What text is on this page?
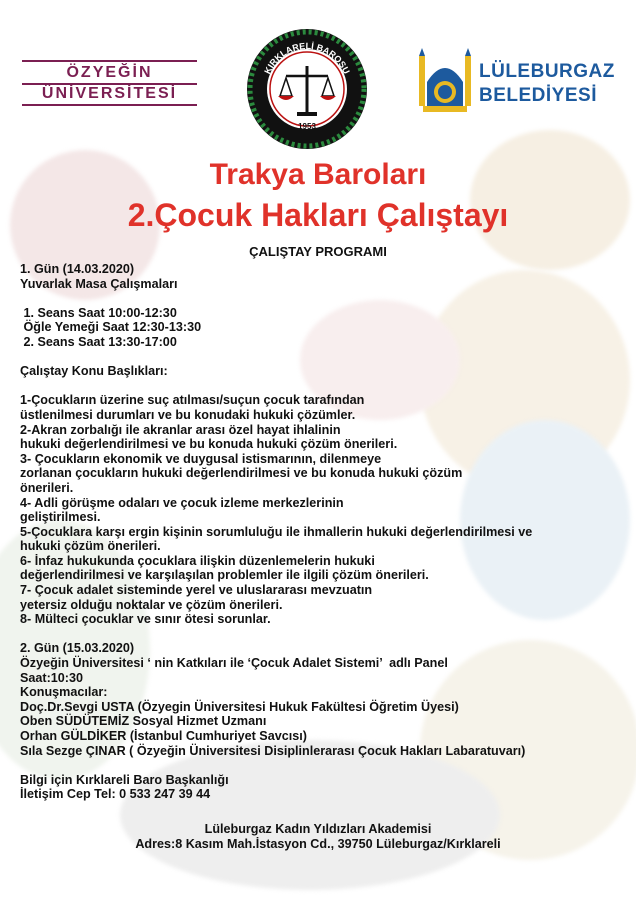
ÖZYEĞİN
ÜNİVERSİTESİ
KIRKLARELİ BAROSU
1953
LÜLEBURGAZ
BELEDİYESİ
Trakya Baroları
2.Çocuk Hakları Çalıştayı
ÇALIŞTAY PROGRAMI
1. Gün (14.03.2020)
Yuvarlak Masa Çalışmaları
1. Seans Saat 10:00-12:30
Öğle Yemeği Saat 12:30-13:30
2. Seans Saat 13:30-17:00
Çalıştay Konu Başlıkları:
1-Çocukların üzerine suç atılması/suçun çocuk tarafından
üstlenilmesi durumları ve bu konudaki hukuki çözümler.
2-Akran zorbalığı ile akranlar arası özel hayat ihlalinin
hukuki değerlendirilmesi ve bu konuda hukuki çözüm önerileri.
3- Çocukların ekonomik ve duygusal istismarının, dilenmeye
zorlanan çocukların hukuki değerlendirilmesi ve bu konuda hukuki çözüm
önerileri.
4- Adli görüşme odaları ve çocuk izleme merkezlerinin
geliştirilmesi.
5-Çocuklara karşı ergin kişinin sorumluluğu ile ihmallerin hukuki değerlendirilmesi ve
hukuki çözüm önerileri.
6- İnfaz hukukunda çocuklara ilişkin düzenlemelerin hukuki
değerlendirilmesi ve karşılaşılan problemler ile ilgili çözüm önerileri.
7- Çocuk adalet sisteminde yerel ve uluslararası mevzuatın
yetersiz olduğu noktalar ve çözüm önerileri.
8- Mülteci çocuklar ve sınır ötesi sorunlar.
2. Gün (15.03.2020)
Özyeğin Üniversitesi ‘ nin Katkıları ile ‘Çocuk Adalet Sistemi’  adlı Panel
Saat:10:30
Konuşmacılar:
Doç.Dr.Sevgi USTA (Özyegin Üniversitesi Hukuk Fakültesi Öğretim Üyesi)
Oben SÜDÜTEMİZ Sosyal Hizmet Uzmanı
Orhan GÜLDİKER (İstanbul Cumhuriyet Savcısı)
Sıla Sezge ÇINAR ( Özyeğin Üniversitesi Disiplinlerarası Çocuk Hakları Labaratuvarı)
Bilgi için Kırklareli Baro Başkanlığı
İletişim Cep Tel: 0 533 247 39 44
Lüleburgaz Kadın Yıldızları Akademisi
Adres:8 Kasım Mah.İstasyon Cd., 39750 Lüleburgaz/Kırklareli
